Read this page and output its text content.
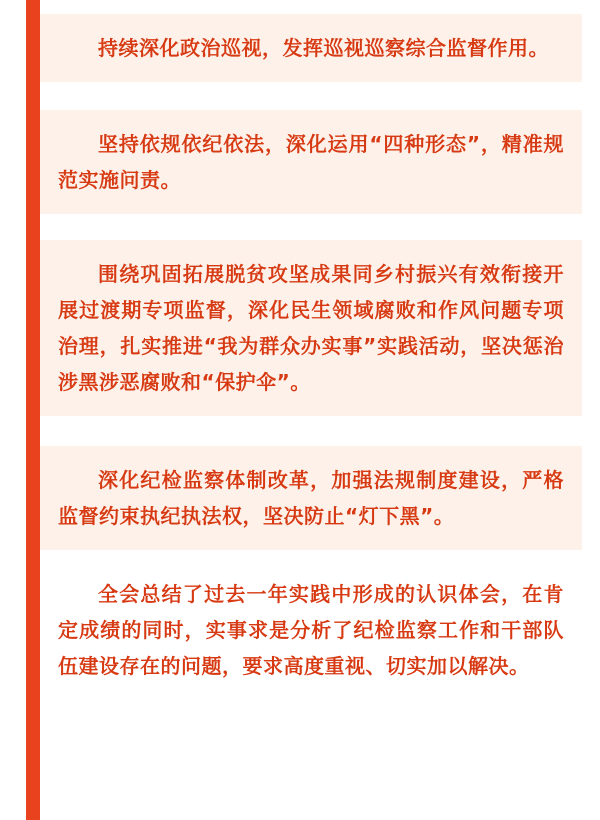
持续深化政治巡视，发挥巡视巡察综合监督作用。
坚持依规依纪依法，深化运用“四种形态”，精准规范实施问责。
围绕巩固拓展脱贫攻坚成果同乡村振兴有效衔接开展过渡期专项监督，深化民生领域腐败和作风问题专项治理，扎实推进“我为群众办实事”实践活动，坚决惩治涉黑涉恶腐败和“保护伞”。
深化纪检监察体制改革，加强法规制度建设，严格监督约束执纪执法权，坚决防止“灯下黑”。
全会总结了过去一年实践中形成的认识体会，在肯定成绩的同时，实事求是分析了纪检监察工作和干部队伍建设存在的问题，要求高度重视、切实加以解决。
